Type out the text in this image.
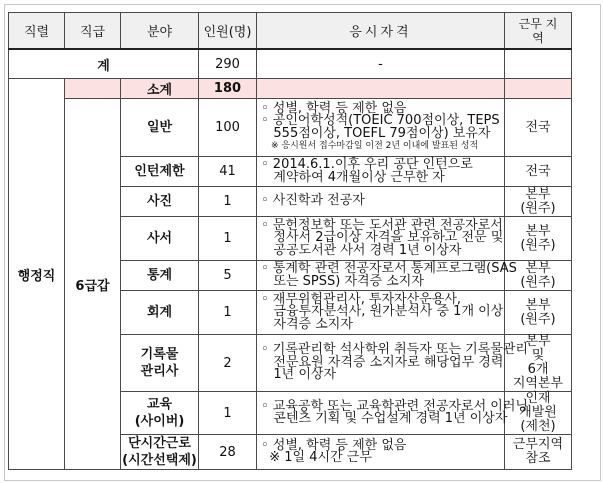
직렬	직급	분야	인원(명)	응시자격	근무 지역
계			290	-	
행정직		소계	180		
	6급갑	일반	100	◦ 성별, 학력 등 제한 없음
◦ 공인어학성적(TOEIC 700점이상, TEPS
555점이상, TOEFL 79점이상) 보유자
※ 응시원서 접수마감일 이전 2년 이내에 발표된 성적	전국

		인턴제한	41	◦ 2014.6.1.이후 우리 공단 인턴으로
계약하여 4개월이상 근무한 자	전국

		사진	1	◦ 사진학과 전공자	본부
(원주)

		사서	1	◦ 문헌정보학 또는 도서관 관련 전공자로서
정사서 2급이상 자격을 보유하고 전문 및
공공도서관 사서 경력 1년 이상자	본부
(원주)

		통계	5	◦ 통계학 관련 전공자로서 통계프로그램(SAS
또는 SPSS) 자격증 소지자	본부
(원주)

		회계	1	◦ 재무위험관리사, 투자자산운용사,
금융투자분석사, 원가분석사 중 1개 이상
자격증 소지자	본부
(원주)

		기록물
관리사	2	◦ 기록관리학 석사학위 취득자 또는 기록물관리
전문요원 자격증 소지자로 해당업무 경력
1년 이상자	본부
및
6개
지역본부

		교육
(사이버)	1	◦ 교육공학 또는 교육학관련 전공자로서 이러닝
콘텐츠 기획 및 수업설계 경력 1년 이상자	인재
개발원
(제천)

		단시간근로
(시간선택제)	28	◦ 성별, 학력 등 제한 없음
※ 1일 4시간 근무	근무지역
참조
